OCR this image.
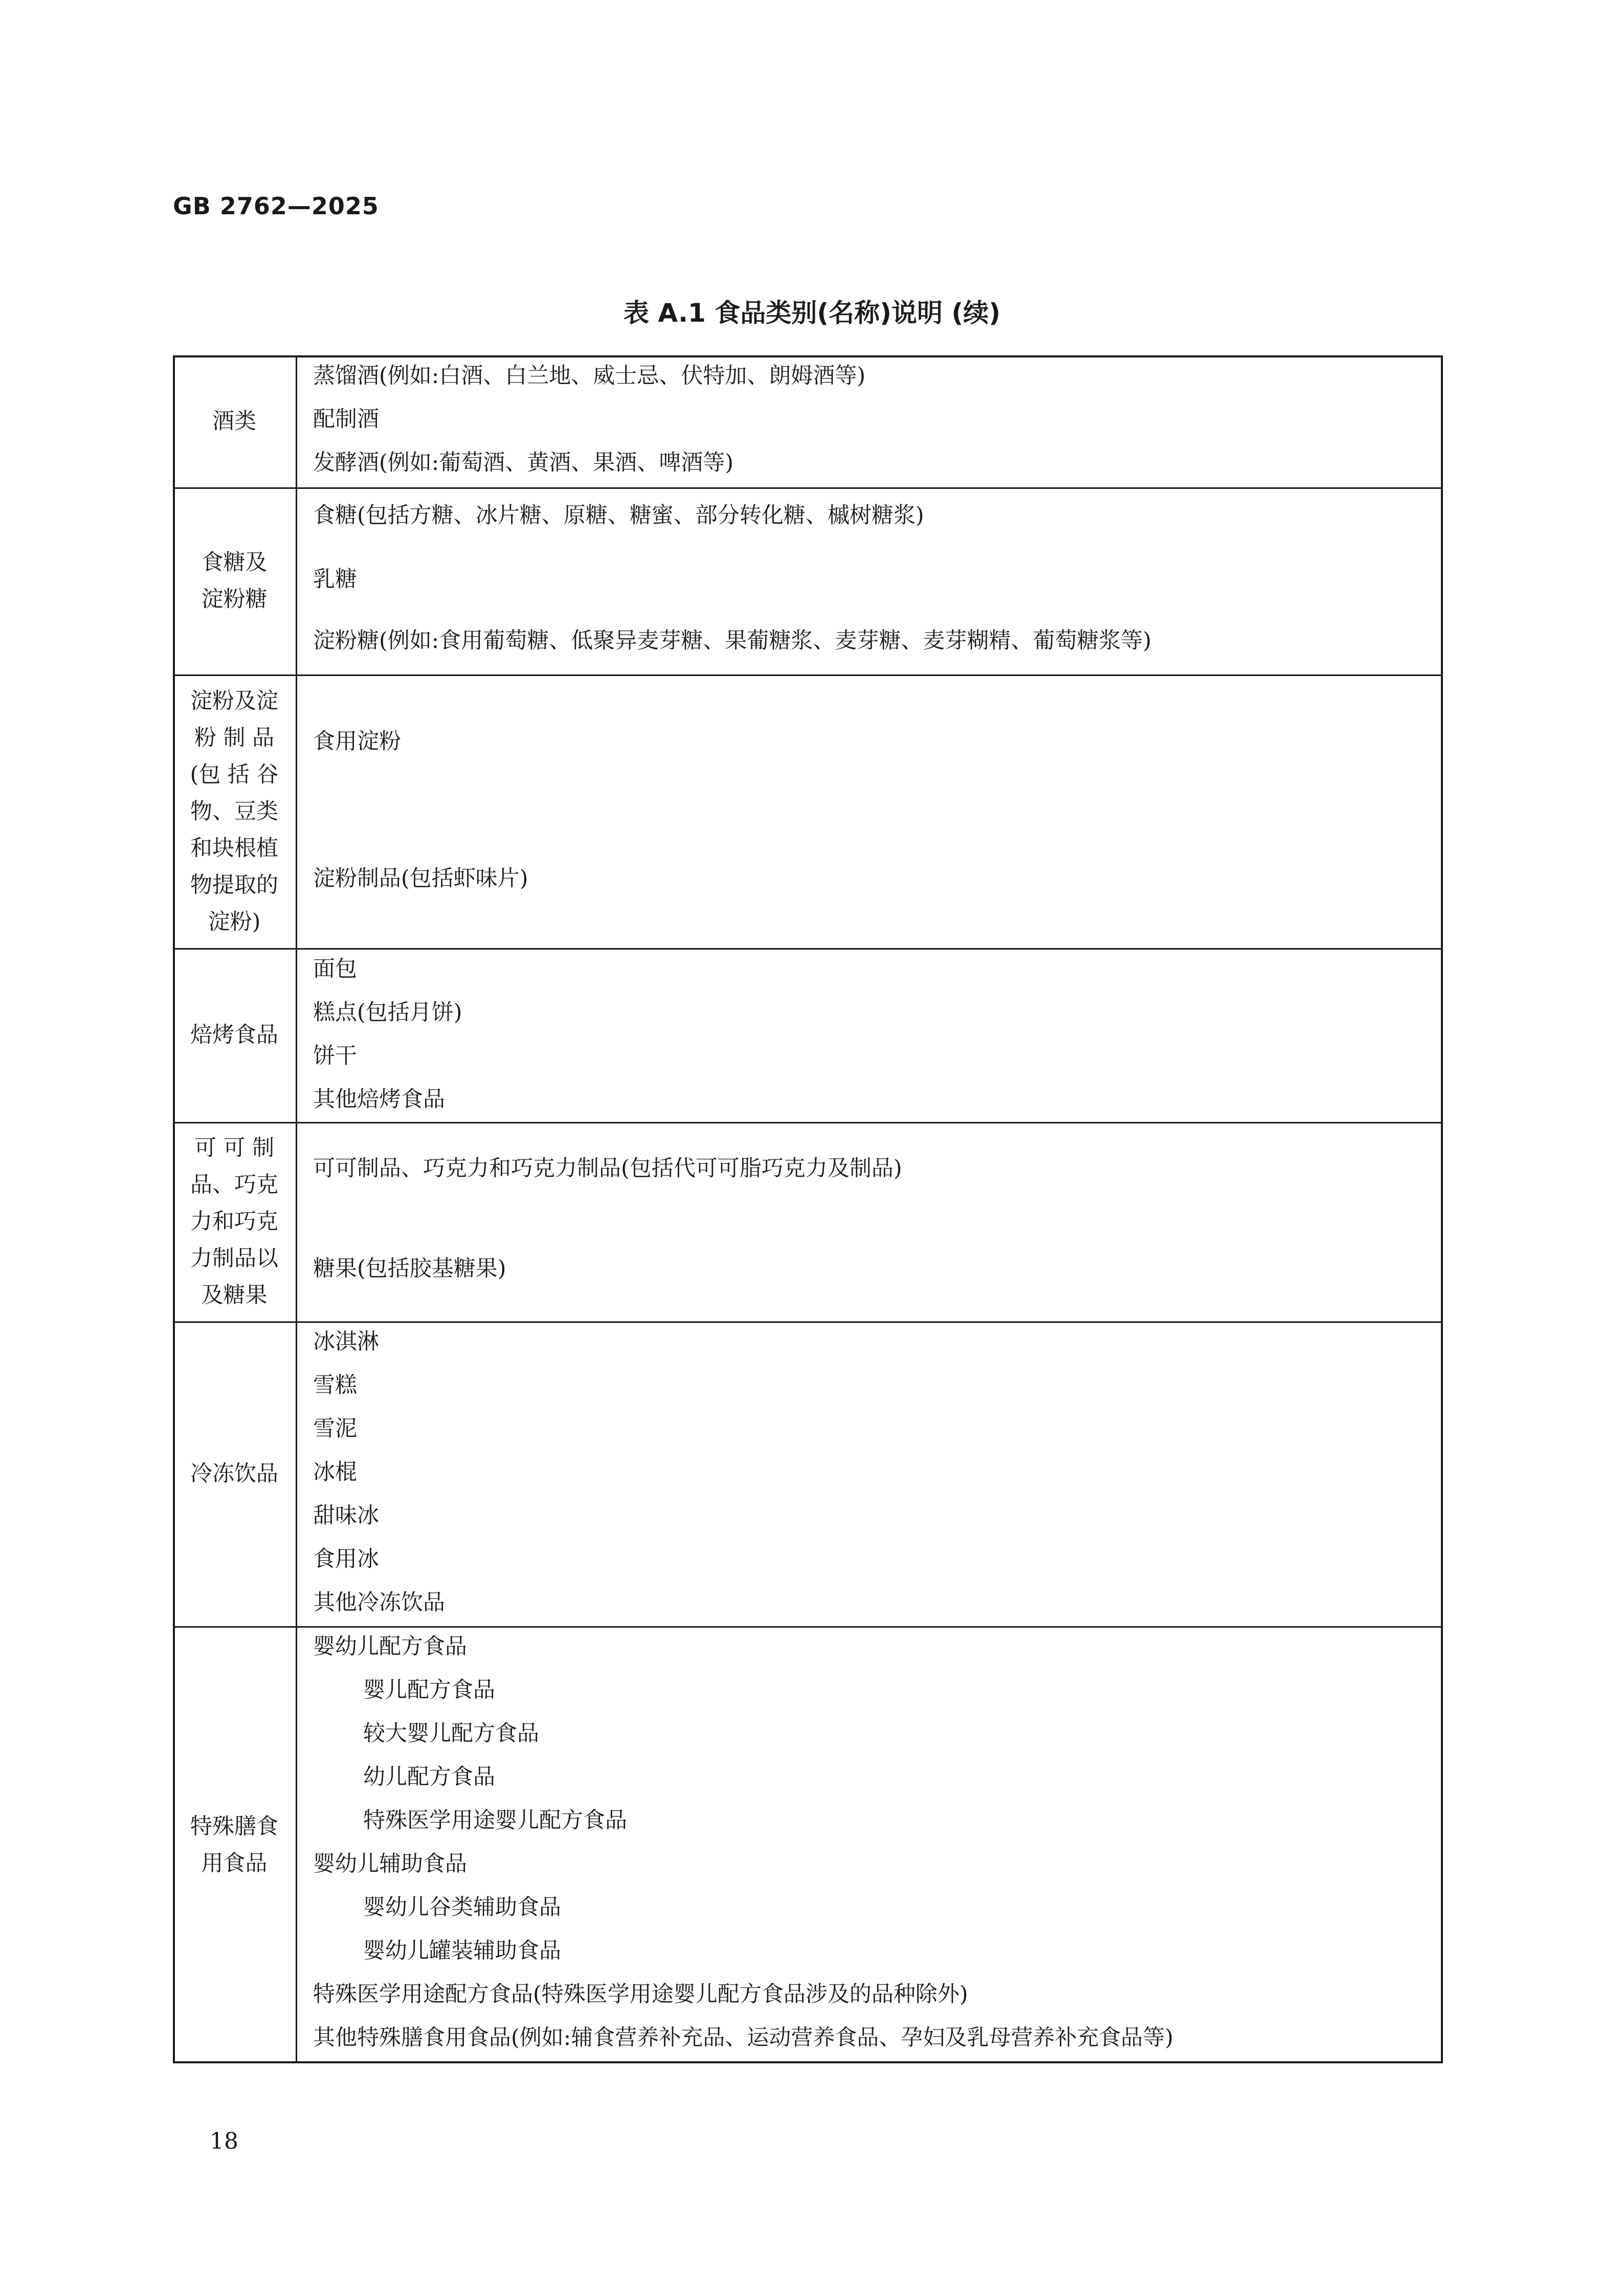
GB 2762—2025
表 A.1 食品类别(名称)说明 (续)
酒类
蒸馏酒(例如:白酒、白兰地、威士忌、伏特加、朗姆酒等)
配制酒
发酵酒(例如:葡萄酒、黄酒、果酒、啤酒等)
食糖及
淀粉糖
食糖(包括方糖、冰片糖、原糖、糖蜜、部分转化糖、槭树糖浆)
乳糖
淀粉糖(例如:食用葡萄糖、低聚异麦芽糖、果葡糖浆、麦芽糖、麦芽糊精、葡萄糖浆等)
淀粉及淀
粉 制 品
(包 括 谷
物、豆类
和块根植
物提取的
淀粉)
食用淀粉
淀粉制品(包括虾味片)
焙烤食品
面包
糕点(包括月饼)
饼干
其他焙烤食品
可 可 制
品、巧克
力和巧克
力制品以
及糖果
可可制品、巧克力和巧克力制品(包括代可可脂巧克力及制品)
糖果(包括胶基糖果)
冷冻饮品
冰淇淋
雪糕
雪泥
冰棍
甜味冰
食用冰
其他冷冻饮品
特殊膳食
用食品
婴幼儿配方食品
婴儿配方食品
较大婴儿配方食品
幼儿配方食品
特殊医学用途婴儿配方食品
婴幼儿辅助食品
婴幼儿谷类辅助食品
婴幼儿罐装辅助食品
特殊医学用途配方食品(特殊医学用途婴儿配方食品涉及的品种除外)
其他特殊膳食用食品(例如:辅食营养补充品、运动营养食品、孕妇及乳母营养补充食品等)
18
